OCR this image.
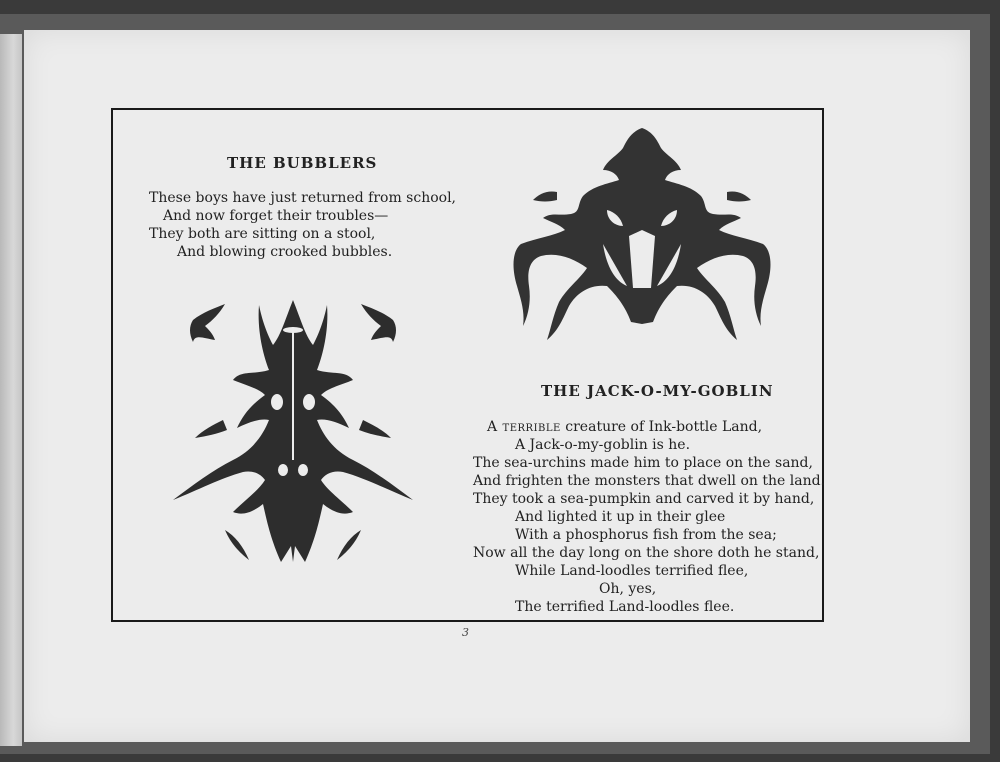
THE BUBBLERS
These boys have just returned from school,
And now forget their troubles—
They both are sitting on a stool,
And blowing crooked bubbles.
THE JACK-O-MY-GOBLIN
A terrible creature of Ink-bottle Land,
A Jack-o-my-goblin is he.
The sea-urchins made him to place on the sand,
And frighten the monsters that dwell on the land.
They took a sea-pumpkin and carved it by hand,
And lighted it up in their glee
With a phosphorus fish from the sea;
Now all the day long on the shore doth he stand,
While Land-loodles terrified flee,
Oh, yes,
The terrified Land-loodles flee.
3
